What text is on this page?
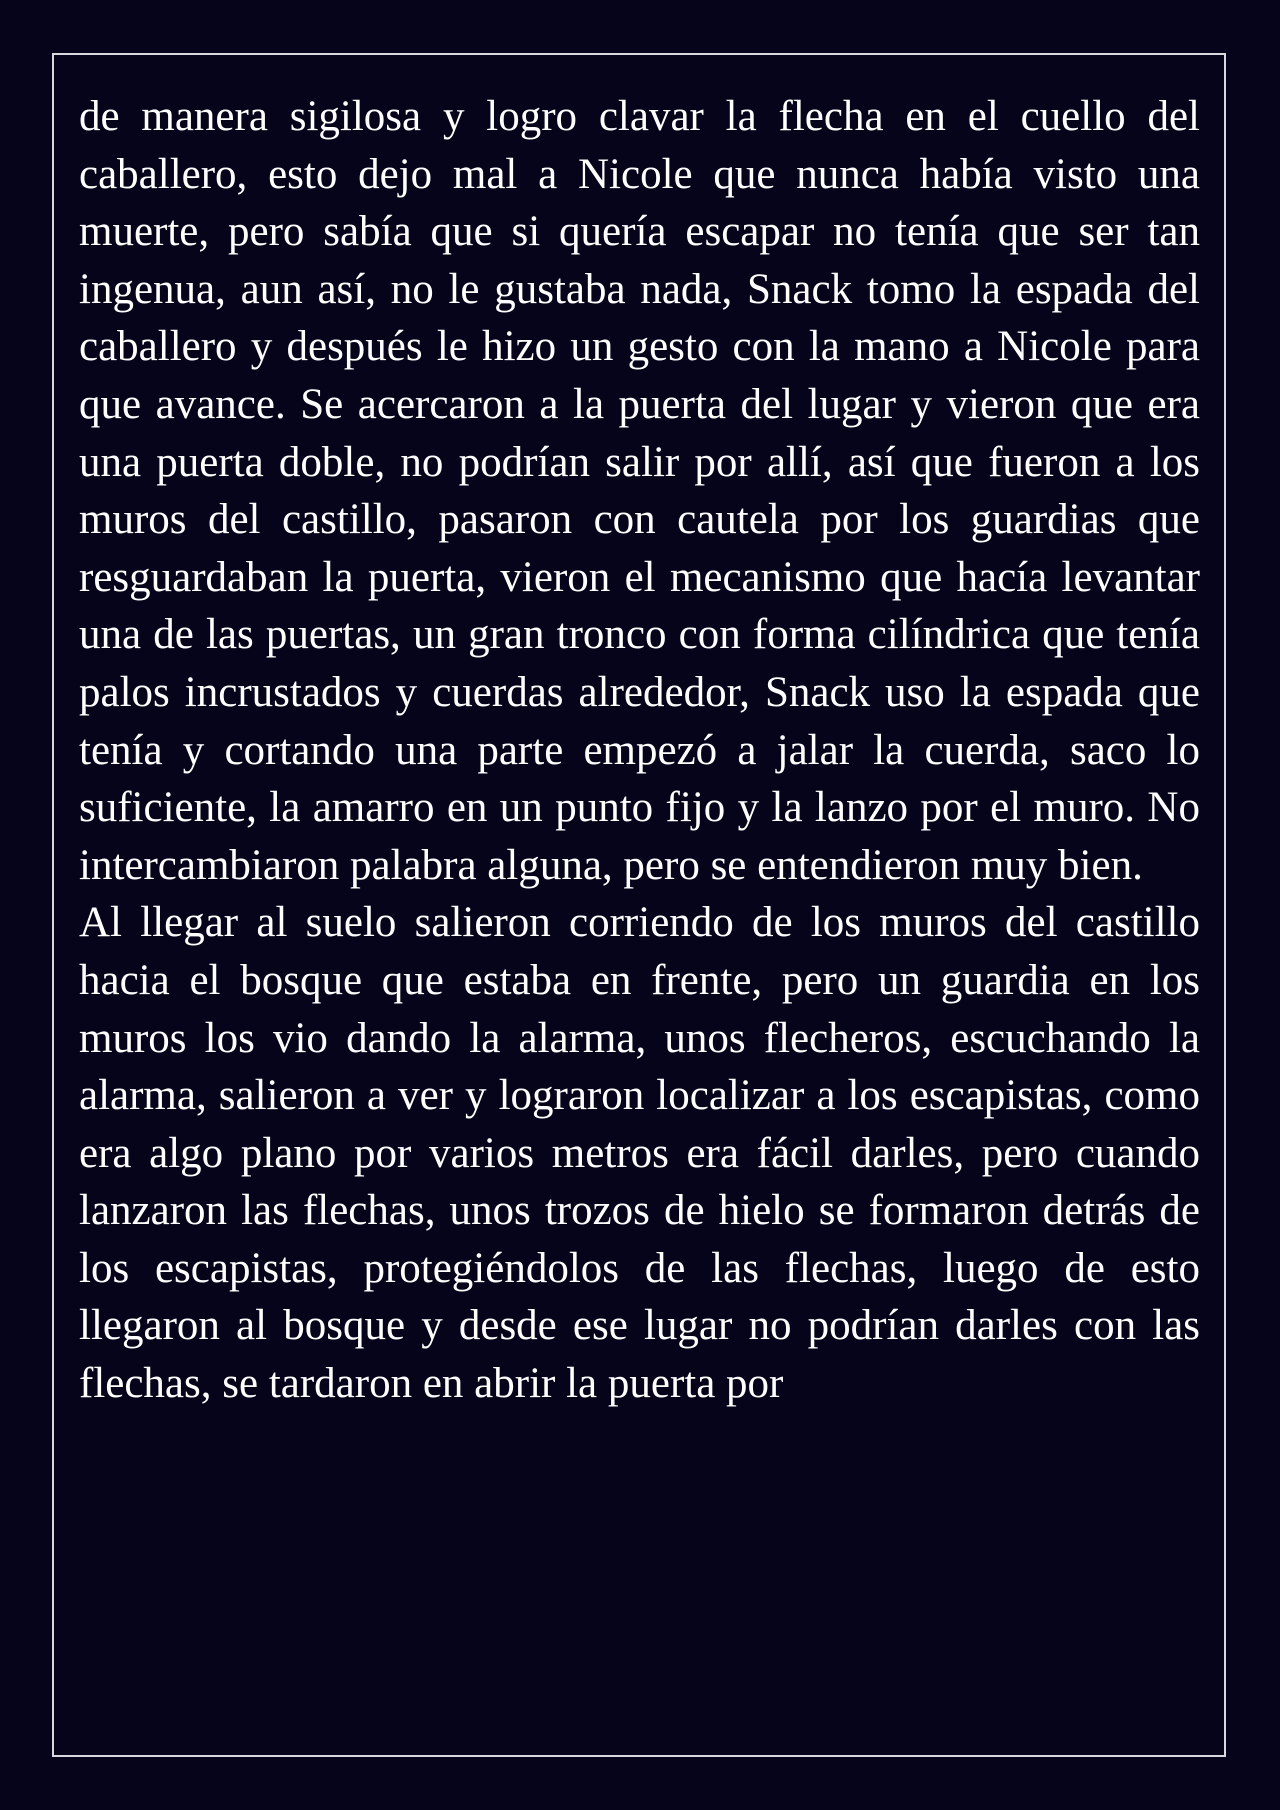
de manera sigilosa y logro clavar la flecha en el cuello del caballero, esto dejo mal a Nicole que nunca había visto una muerte, pero sabía que si quería escapar no tenía que ser tan ingenua, aun así, no le gustaba nada, Snack tomo la espada del caballero y después le hizo un gesto con la mano a Nicole para que avance. Se acercaron a la puerta del lugar y vieron que era una puerta doble, no podrían salir por allí, así que fueron a los muros del castillo, pasaron con cautela por los guardias que resguardaban la puerta, vieron el mecanismo que hacía levantar una de las puertas, un gran tronco con forma cilíndrica que tenía palos incrustados y cuerdas alrededor, Snack uso la espada que tenía y cortando una parte empezó a jalar la cuerda, saco lo suficiente, la amarro en un punto fijo y la lanzo por el muro. No intercambiaron palabra alguna, pero se entendieron muy bien.

Al llegar al suelo salieron corriendo de los muros del castillo hacia el bosque que estaba en frente, pero un guardia en los muros los vio dando la alarma, unos flecheros, escuchando la alarma, salieron a ver y lograron localizar a los escapistas, como era algo plano por varios metros era fácil darles, pero cuando lanzaron las flechas, unos trozos de hielo se formaron detrás de los escapistas, protegiéndolos de las flechas, luego de esto llegaron al bosque y desde ese lugar no podrían darles con las flechas, se tardaron en abrir la puerta por
